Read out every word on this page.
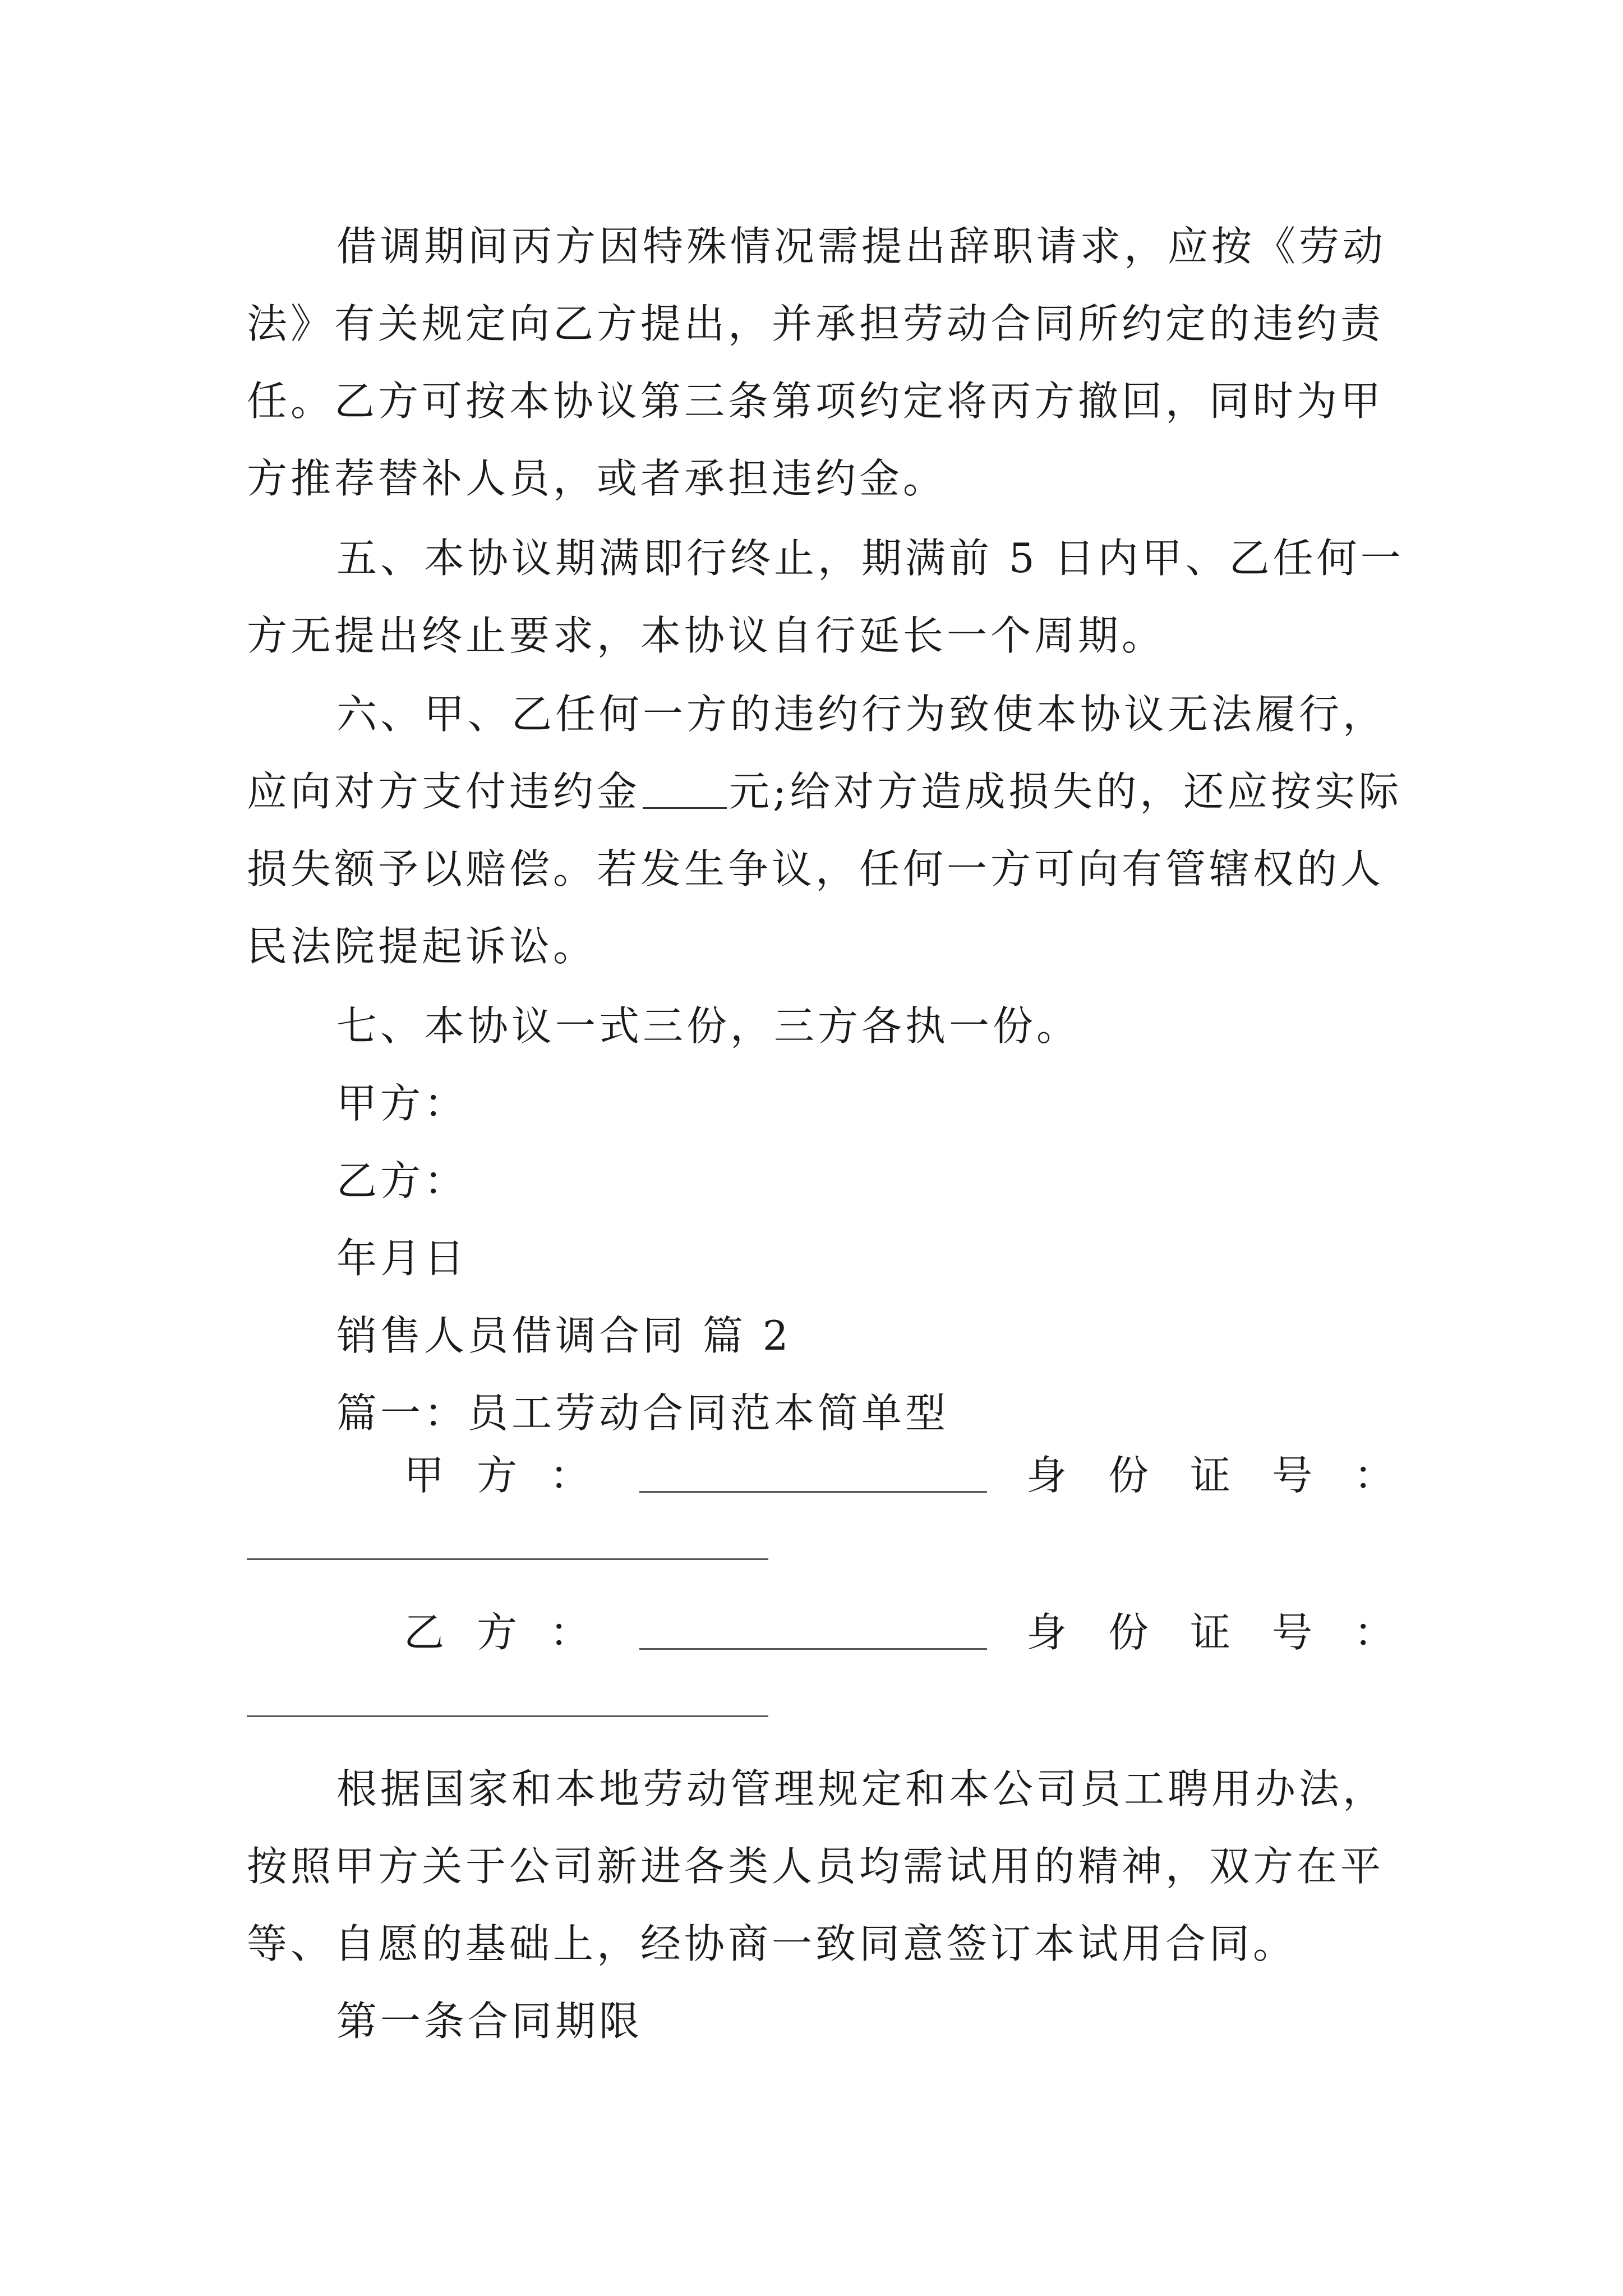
借调期间丙方因特殊情况需提出辞职请求，应按《劳动
法》有关规定向乙方提出，并承担劳动合同所约定的违约责
任。乙方可按本协议第三条第项约定将丙方撤回，同时为甲
方推荐替补人员，或者承担违约金。
五、本协议期满即行终止，期满前 5 日内甲、乙任何一
方无提出终止要求，本协议自行延长一个周期。
六、甲、乙任何一方的违约行为致使本协议无法履行，
应向对方支付违约金 元;给对方造成损失的，还应按实际
损失额予以赔偿。若发生争议，任何一方可向有管辖权的人
民法院提起诉讼。
七、本协议一式三份，三方各执一份。
甲方：
乙方：
年月日
销售人员借调合同 篇 2
篇一：员工劳动合同范本简单型
甲方：	身份证号：
乙方：	身份证号：
根据国家和本地劳动管理规定和本公司员工聘用办法，
按照甲方关于公司新进各类人员均需试用的精神，双方在平
等、自愿的基础上，经协商一致同意签订本试用合同。
第一条合同期限
